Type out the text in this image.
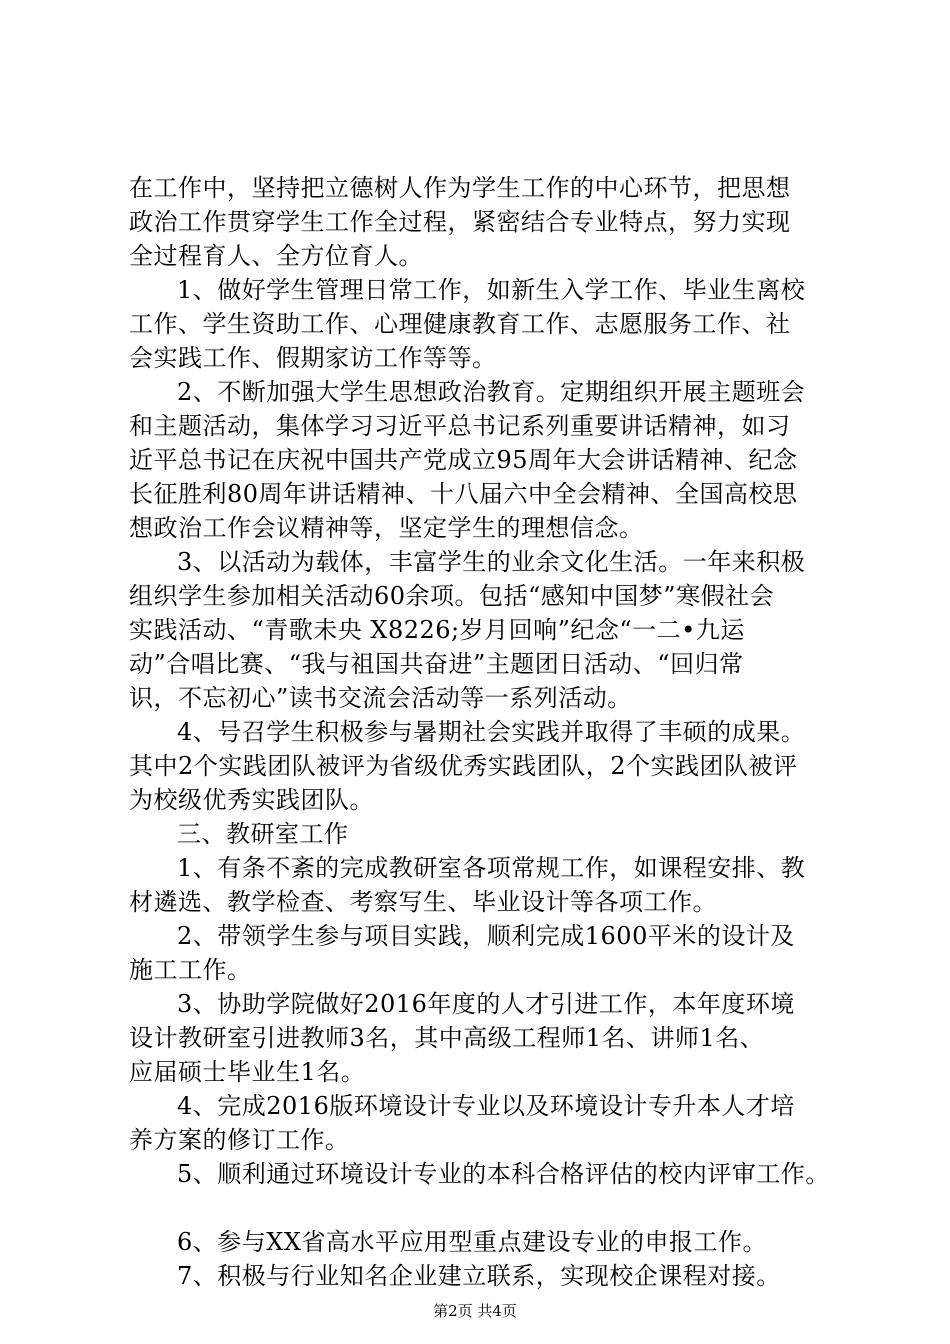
在工作中，坚持把立德树人作为学生工作的中心环节，把思想
政治工作贯穿学生工作全过程，紧密结合专业特点，努力实现
全过程育人、全方位育人。
1、做好学生管理日常工作，如新生入学工作、毕业生离校
工作、学生资助工作、心理健康教育工作、志愿服务工作、社
会实践工作、假期家访工作等等。
2、不断加强大学生思想政治教育。定期组织开展主题班会
和主题活动，集体学习习近平总书记系列重要讲话精神，如习
近平总书记在庆祝中国共产党成立95周年大会讲话精神、纪念
长征胜利80周年讲话精神、十八届六中全会精神、全国高校思
想政治工作会议精神等，坚定学生的理想信念。
3、以活动为载体，丰富学生的业余文化生活。一年来积极
组织学生参加相关活动60余项。包括“感知中国梦”寒假社会
实践活动、“青歌未央 X8226;岁月回响”纪念“一二•九运
动”合唱比赛、“我与祖国共奋进”主题团日活动、“回归常
识，不忘初心”读书交流会活动等一系列活动。
4、号召学生积极参与暑期社会实践并取得了丰硕的成果。
其中2个实践团队被评为省级优秀实践团队，2个实践团队被评
为校级优秀实践团队。
三、教研室工作
1、有条不紊的完成教研室各项常规工作，如课程安排、教
材遴选、教学检查、考察写生、毕业设计等各项工作。
2、带领学生参与项目实践，顺利完成1600平米的设计及
施工工作。
3、协助学院做好2016年度的人才引进工作，本年度环境
设计教研室引进教师3名，其中高级工程师1名、讲师1名、
应届硕士毕业生1名。
4、完成2016版环境设计专业以及环境设计专升本人才培
养方案的修订工作。
5、顺利通过环境设计专业的本科合格评估的校内评审工作。
6、参与XX省高水平应用型重点建设专业的申报工作。
7、积极与行业知名企业建立联系，实现校企课程对接。
第2页 共4页
